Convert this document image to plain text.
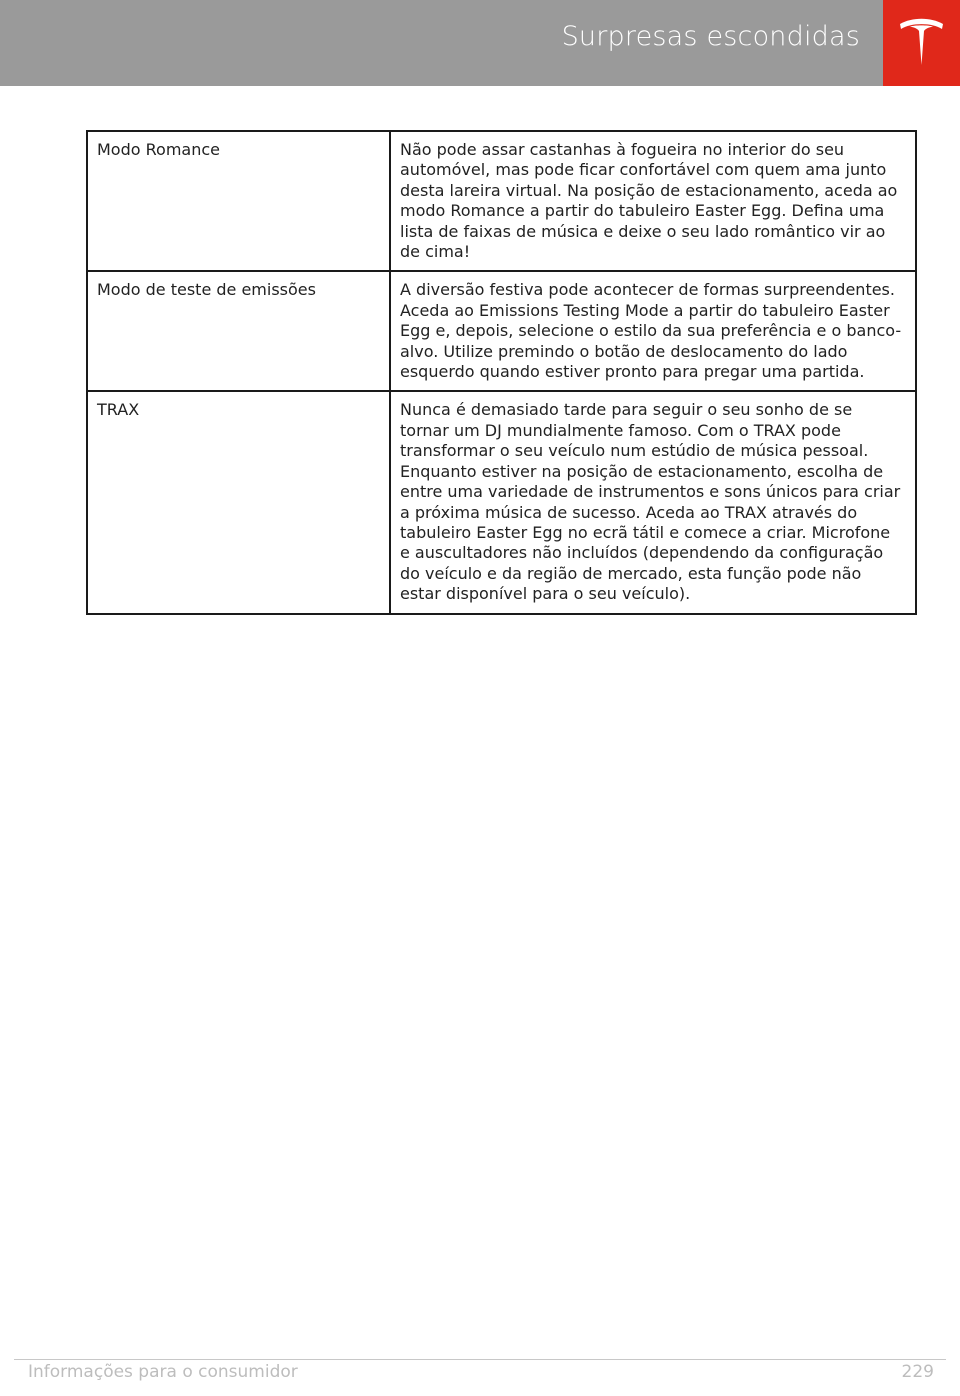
Surpresas escondidas
Modo Romance	Não pode assar castanhas à fogueira no interior do seu automóvel, mas pode ficar confortável com quem ama junto desta lareira virtual. Na posição de estacionamento, aceda ao modo Romance a partir do tabuleiro Easter Egg. Defina uma lista de faixas de música e deixe o seu lado romântico vir ao de cima!
Modo de teste de emissões	A diversão festiva pode acontecer de formas surpreendentes. Aceda ao Emissions Testing Mode a partir do tabuleiro Easter Egg e, depois, selecione o estilo da sua preferência e o banco-alvo. Utilize premindo o botão de deslocamento do lado esquerdo quando estiver pronto para pregar uma partida.
TRAX	Nunca é demasiado tarde para seguir o seu sonho de se tornar um DJ mundialmente famoso. Com o TRAX pode transformar o seu veículo num estúdio de música pessoal. Enquanto estiver na posição de estacionamento, escolha de entre uma variedade de instrumentos e sons únicos para criar a próxima música de sucesso. Aceda ao TRAX através do tabuleiro Easter Egg no ecrã tátil e comece a criar. Microfone e auscultadores não incluídos (dependendo da configuração do veículo e da região de mercado, esta função pode não estar disponível para o seu veículo).
Informações para o consumidor	229
